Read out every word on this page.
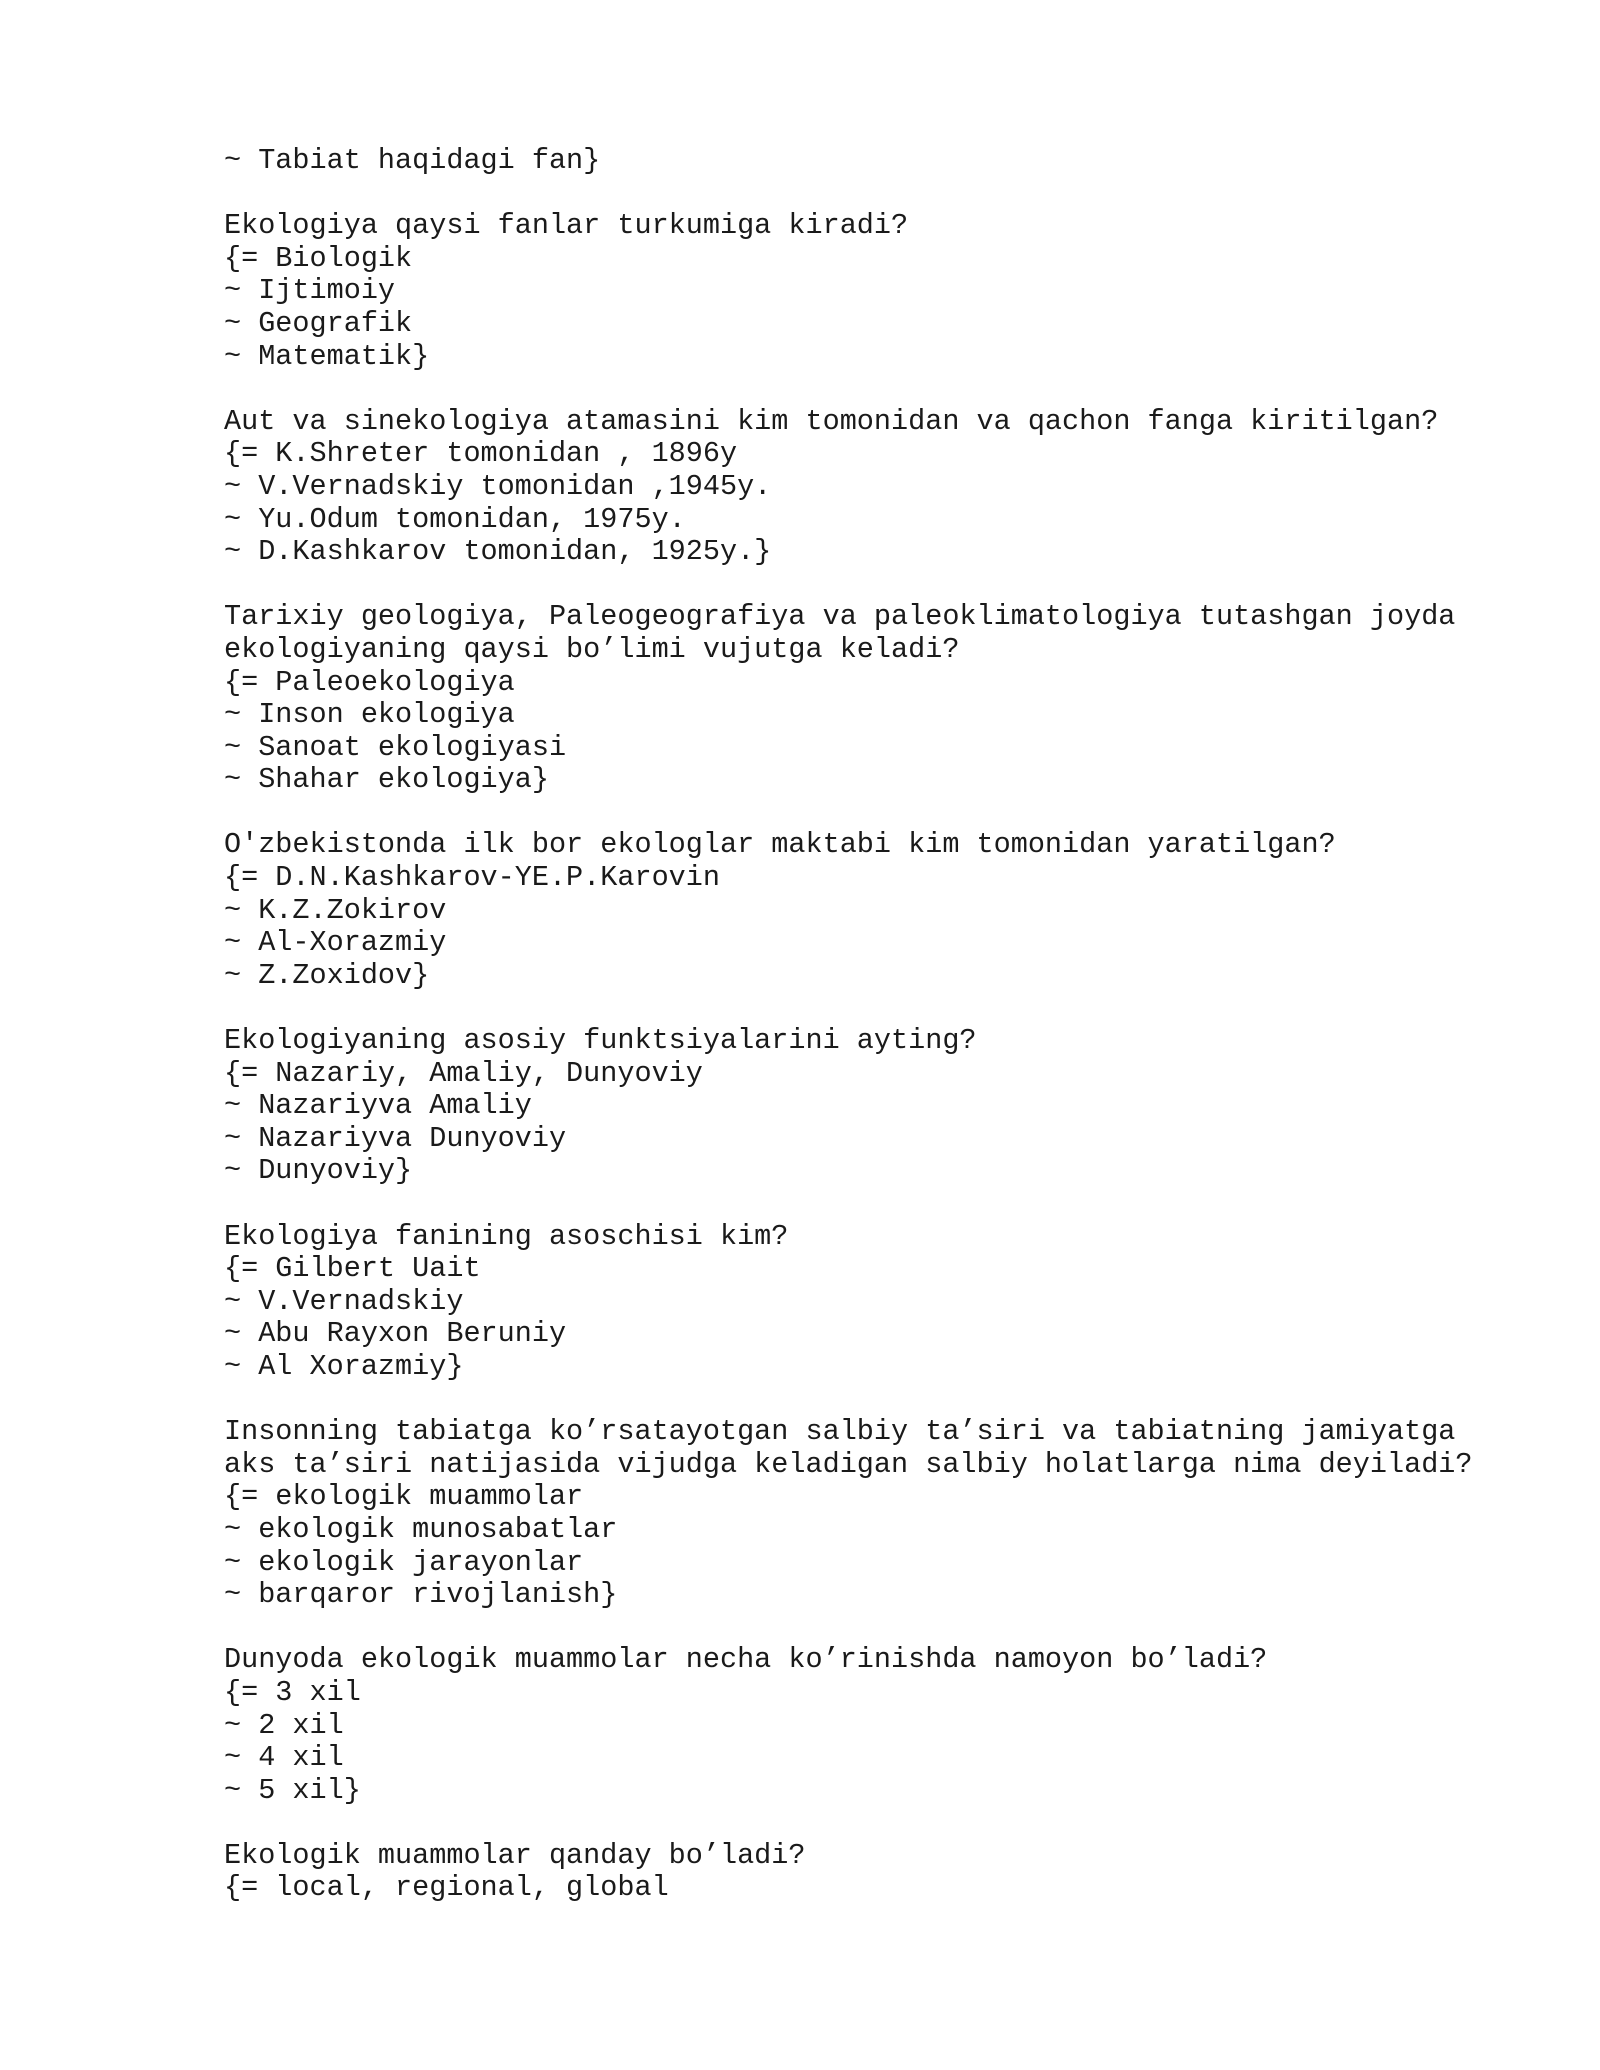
~ Tabiat haqidagi fan}
Ekologiya qaysi fanlar turkumiga kiradi?
{= Biologik
~ Ijtimoiy
~ Geografik
~ Matematik}
Aut va sinekologiya atamasini kim tomonidan va qachon fanga kiritilgan?
{= K.Shreter tomonidan , 1896y
~ V.Vernadskiy tomonidan ,1945y.
~ Yu.Odum tomonidan, 1975y.
~ D.Kashkarov tomonidan, 1925y.}
Tarixiy geologiya, Paleogeografiya va paleoklimatologiya tutashgan joyda
ekologiyaning qaysi bo’limi vujutga keladi?
{= Paleoekologiya
~ Inson ekologiya
~ Sanoat ekologiyasi
~ Shahar ekologiya}
O'zbekistonda ilk bor ekologlar maktabi kim tomonidan yaratilgan?
{= D.N.Kashkarov-YE.P.Karovin
~ K.Z.Zokirov
~ Al-Xorazmiy
~ Z.Zoxidov}
Ekologiyaning asosiy funktsiyalarini ayting?
{= Nazariy, Amaliy, Dunyoviy
~ Nazariyva Amaliy
~ Nazariyva Dunyoviy
~ Dunyoviy}
Ekologiya fanining asoschisi kim?
{= Gilbert Uait
~ V.Vernadskiy
~ Abu Rayxon Beruniy
~ Al Xorazmiy}
Insonning tabiatga ko’rsatayotgan salbiy ta’siri va tabiatning jamiyatga
aks ta’siri natijasida vijudga keladigan salbiy holatlarga nima deyiladi?
{= ekologik muammolar
~ ekologik munosabatlar
~ ekologik jarayonlar
~ barqaror rivojlanish}
Dunyoda ekologik muammolar necha ko’rinishda namoyon bo’ladi?
{= 3 xil
~ 2 xil
~ 4 xil
~ 5 xil}
Ekologik muammolar qanday bo’ladi?
{= local, regional, global
